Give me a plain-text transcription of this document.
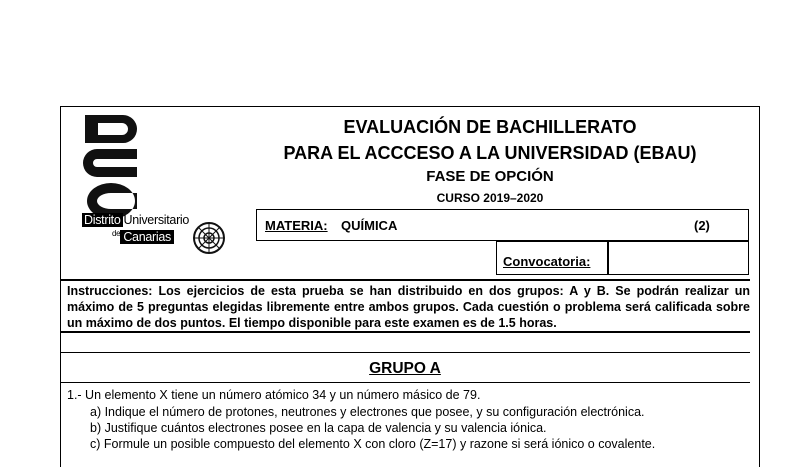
Distrito Universitario
$^{de}$ Canarias
EVALUACIÓN DE BACHILLERATO
PARA EL ACCCESO A LA UNIVERSIDAD (EBAU)
FASE DE OPCIÓN
CURSO 2019–2020
MATERIA: QUÍMICA	(2)
Convocatoria:
Instrucciones: Los ejercicios de esta prueba se han distribuido en dos grupos: A y B. Se podrán realizar un máximo de 5 preguntas elegidas libremente entre ambos grupos. Cada cuestión o problema será calificada sobre un máximo de dos puntos. El tiempo disponible para este examen es de 1.5 horas.
GRUPO A
1.- Un elemento X tiene un número atómico 34 y un número másico de 79.
a) Indique el número de protones, neutrones y electrones que posee, y su configuración electrónica.
b) Justifique cuántos electrones posee en la capa de valencia y su valencia iónica.
c) Formule un posible compuesto del elemento X con cloro (Z=17) y razone si será iónico o covalente.
